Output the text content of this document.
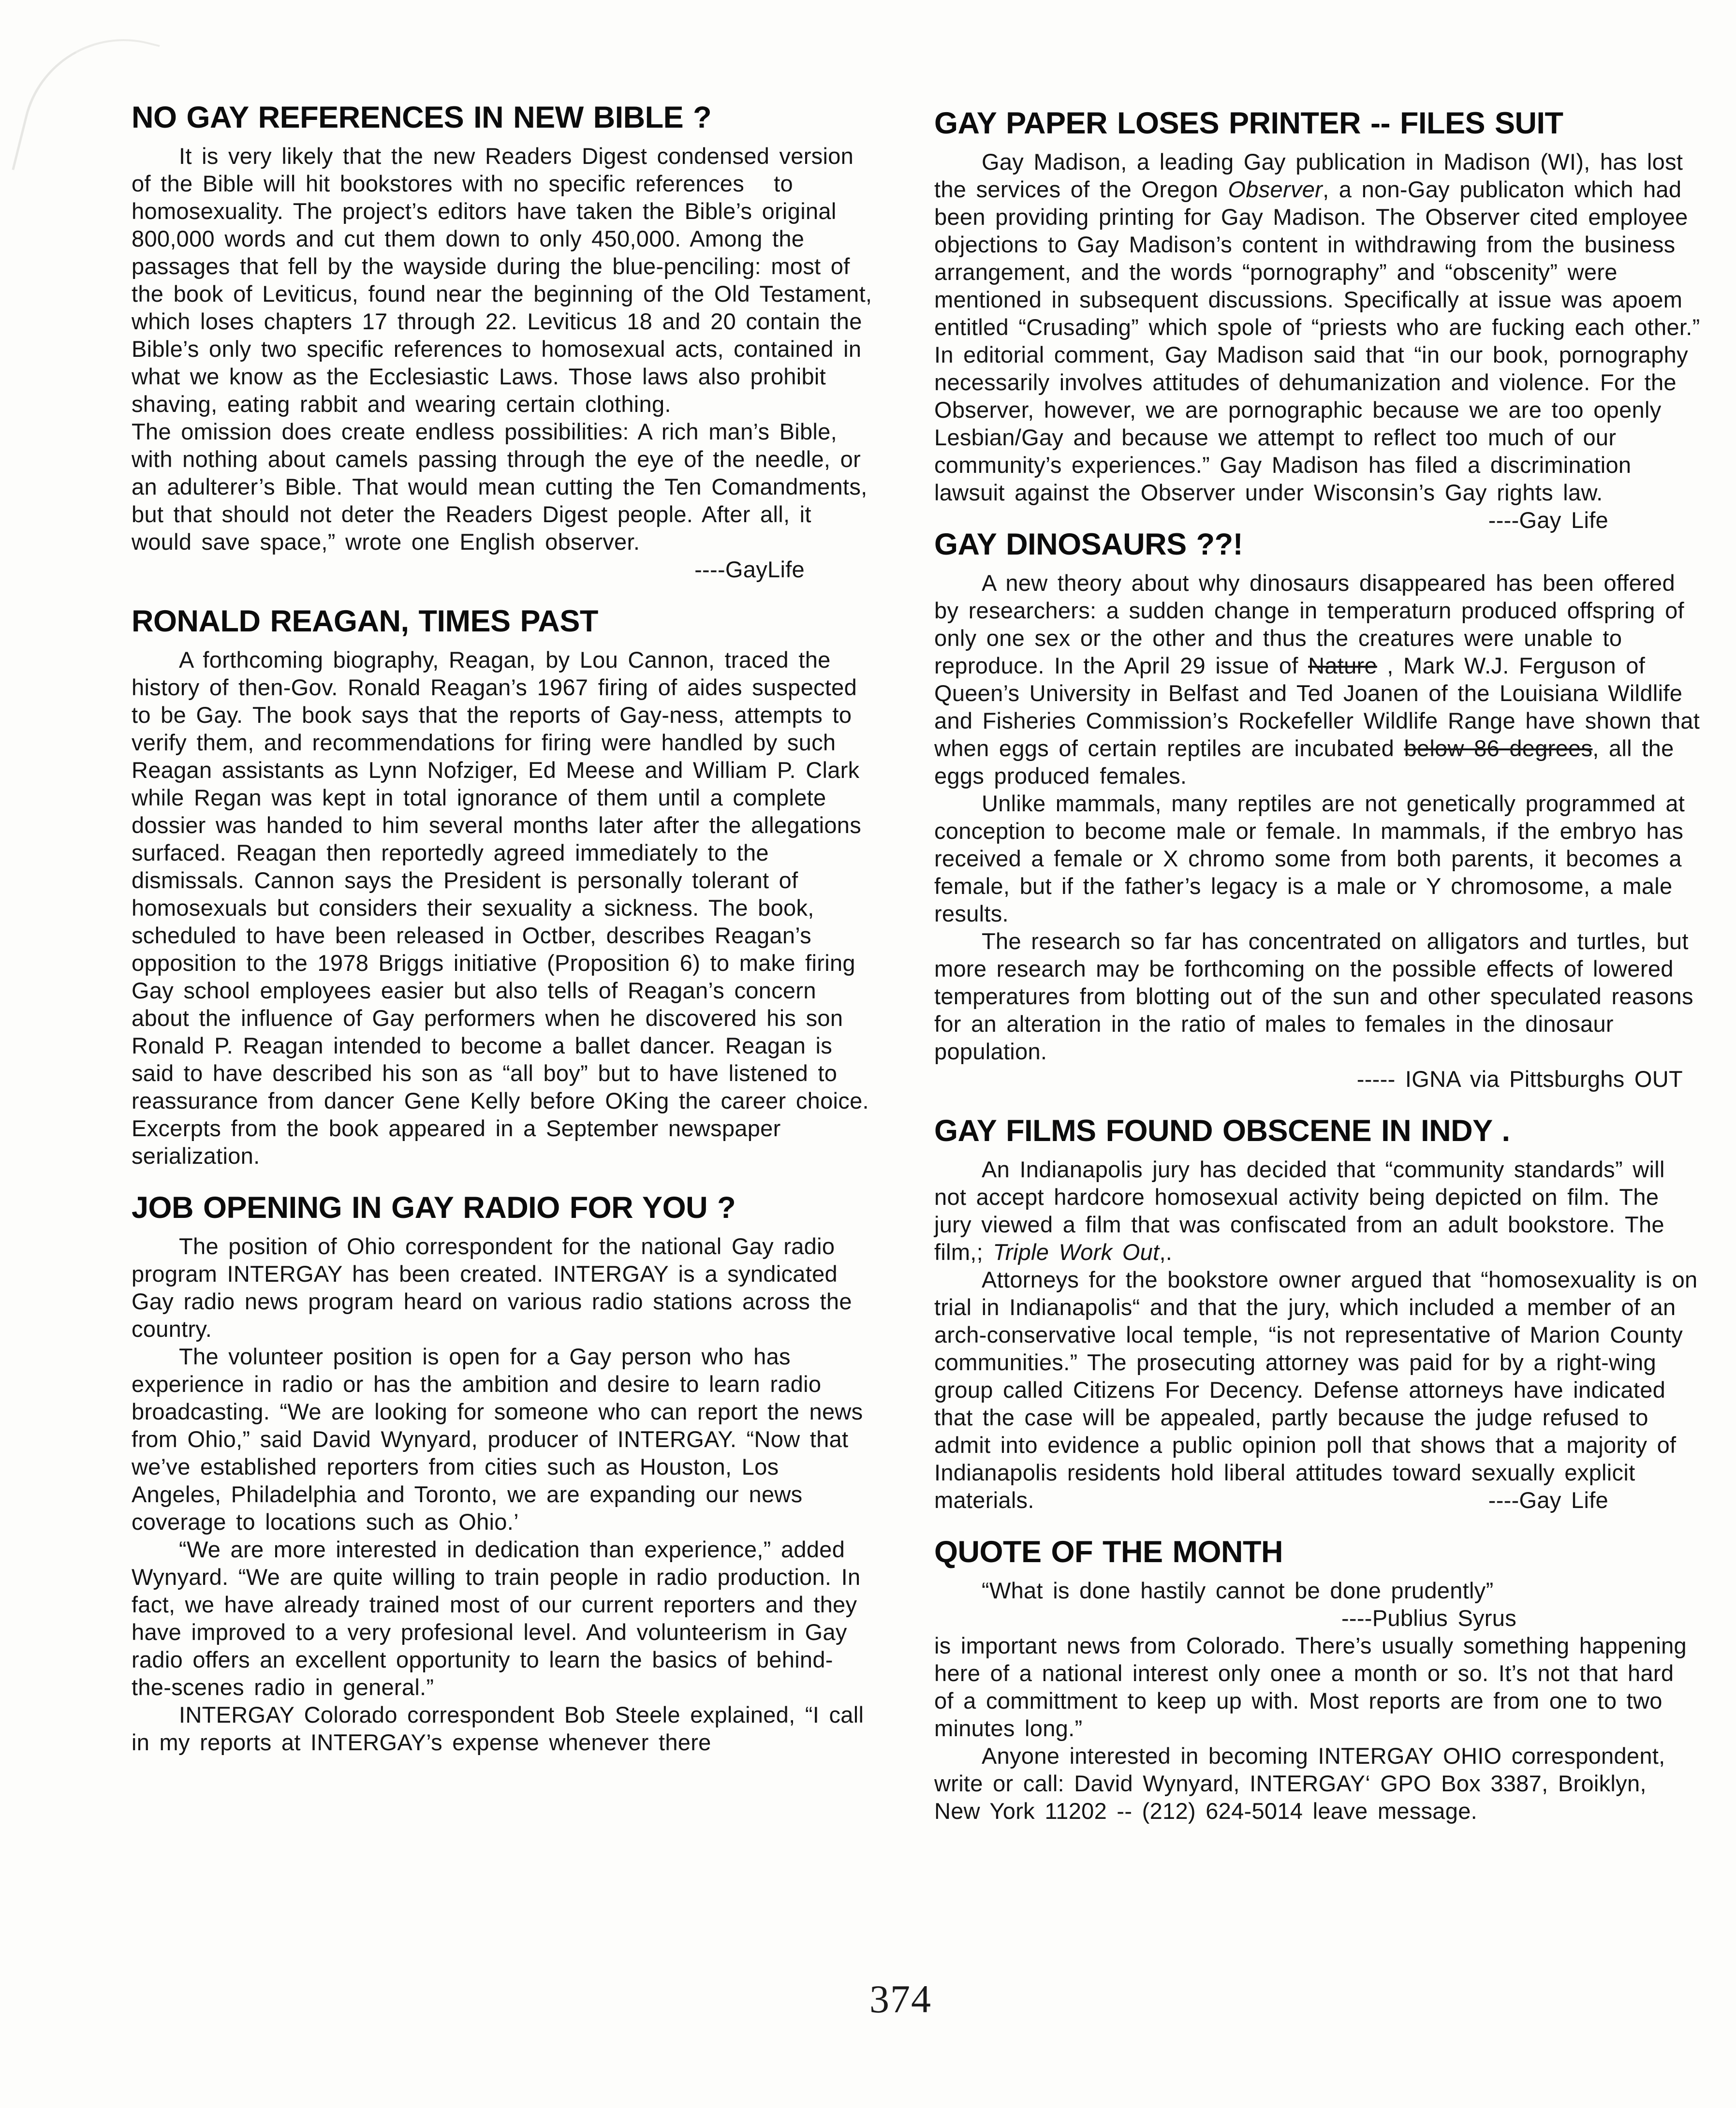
NO GAY REFERENCES IN NEW BIBLE ?

It is very likely that the new Readers Digest condensed version of the Bible will hit bookstores with no specific references   to homosexuality. The project’s editors have taken the Bible’s original 800,000 words and cut them down to only 450,000. Among the passages that fell by the wayside during the blue-penciling: most of the book of Leviticus, found near the beginning of the Old Testament, which loses chapters 17 through 22. Leviticus 18 and 20 contain the Bible’s only two specific references to homosexual acts, contained in what we know as the Ecclesiastic Laws. Those laws also prohibit shaving, eating rabbit and wearing certain clothing.

The omission does create endless possibilities: A rich man’s Bible, with nothing about camels passing through the eye of the needle, or an adulterer’s Bible. That would mean cutting the Ten Comandments, but that should not deter the Readers Digest people. After all, it would save space,” wrote one English observer.

----GayLife

RONALD REAGAN, TIMES PAST

A forthcoming biography, Reagan, by Lou Cannon, traced the history of then-Gov. Ronald Reagan’s 1967 firing of aides suspected to be Gay. The book says that the reports of Gay-ness, attempts to verify them, and recommendations for firing were handled by such Reagan assistants as Lynn Nofziger, Ed Meese and William P. Clark while Regan was kept in total ignorance of them until a complete dossier was handed to him several months later after the allegations surfaced. Reagan then reportedly agreed immediately to the dismissals. Cannon says the President is personally tolerant of homosexuals but considers their sexuality a sickness. The book, scheduled to have been released in Octber, describes Reagan’s opposition to the 1978 Briggs initiative (Proposition 6) to make firing Gay school employees easier but also tells of Reagan’s concern about the influence of Gay performers when he discovered his son Ronald P. Reagan intended to become a ballet dancer. Reagan is said to have described his son as “all boy” but to have listened to reassurance from dancer Gene Kelly before OKing the career choice. Excerpts from the book appeared in a September newspaper serialization.

JOB OPENING IN GAY RADIO FOR YOU ?

The position of Ohio correspondent for the national Gay radio program INTERGAY has been created. INTERGAY is a syndicated Gay radio news program heard on various radio stations across the country.

The volunteer position is open for a Gay person who has experience in radio or has the ambition and desire to learn radio broadcasting. “We are looking for someone who can report the news from Ohio,” said David Wynyard, producer of INTERGAY. “Now that we’ve established reporters from cities such as Houston, Los Angeles, Philadelphia and Toronto, we are expanding our news coverage to locations such as Ohio.’

“We are more interested in dedication than experience,” added Wynyard. “We are quite willing to train people in radio production. In fact, we have already trained most of our current reporters and they have improved to a very profesional level. And volunteerism in Gay radio offers an excellent opportunity to learn the basics of behind-the-scenes radio in general.”

INTERGAY Colorado correspondent Bob Steele explained, “I call in my reports at INTERGAY’s expense whenever there

GAY PAPER LOSES PRINTER -- FILES SUIT

Gay Madison, a leading Gay publication in Madison (WI), has lost the services of the Oregon Observer, a non-Gay publicaton which had been providing printing for Gay Madison. The Observer cited employee objections to Gay Madison’s content in withdrawing from the business arrangement, and the words “pornography” and “obscenity” were mentioned in subsequent discussions. Specifically at issue was apoem entitled “Crusading” which spole of “priests who are fucking each other.” In editorial comment, Gay Madison said that “in our book, pornography necessarily involves attitudes of dehumanization and violence. For the Observer, however, we are pornographic because we are too openly Lesbian/Gay and because we attempt to reflect too much of our community’s experiences.” Gay Madison has filed a discrimination lawsuit against the Observer under Wisconsin’s Gay rights law.
----Gay Life

GAY DINOSAURS ??!

A new theory about why dinosaurs disappeared has been offered by researchers: a sudden change in temperaturn produced offspring of only one sex or the other and thus the creatures were unable to reproduce. In the April 29 issue of Nature , Mark W.J. Ferguson of Queen’s University in Belfast and Ted Joanen of the Louisiana Wildlife and Fisheries Commission’s Rockefeller Wildlife Range have shown that when eggs of certain reptiles are incubated below 86 degrees, all the eggs produced females.

Unlike mammals, many reptiles are not genetically programmed at conception to become male or female. In mammals, if the embryo has received a female or X chromo some from both parents, it becomes a female, but if the father’s legacy is a male or Y chromosome, a male results.

The research so far has concentrated on alligators and turtles, but more research may be forthcoming on the possible effects of lowered temperatures from blotting out of the sun and other speculated reasons for an alteration in the ratio of males to females in the dinosaur population.

----- IGNA via Pittsburghs OUT

GAY FILMS FOUND OBSCENE IN INDY .

An Indianapolis jury has decided that “community standards” will not accept hardcore homosexual activity being depicted on film. The jury viewed a film that was confiscated from an adult bookstore. The film,; Triple Work Out,.

Attorneys for the bookstore owner argued that “homosexuality is on trial in Indianapolis“ and that the jury, which included a member of an arch-conservative local temple, “is not representative of Marion County communities.” The prosecuting attorney was paid for by a right-wing group called Citizens For Decency. Defense attorneys have indicated that the case will be appealed, partly because the judge refused to admit into evidence a public opinion poll that shows that a majority of Indianapolis residents hold liberal attitudes toward sexually explicit materials.	----Gay Life

QUOTE OF THE MONTH

“What is done hastily cannot be done prudently”

----Publius Syrus

is important news from Colorado. There’s usually something happening here of a national interest only onee a month or so. It’s not that hard of a committment to keep up with. Most reports are from one to two minutes long.”

Anyone interested in becoming INTERGAY OHIO correspondent, write or call: David Wynyard, INTERGAY‘ GPO Box 3387, Broiklyn, New York 11202 -- (212) 624-5014 leave message.

374
